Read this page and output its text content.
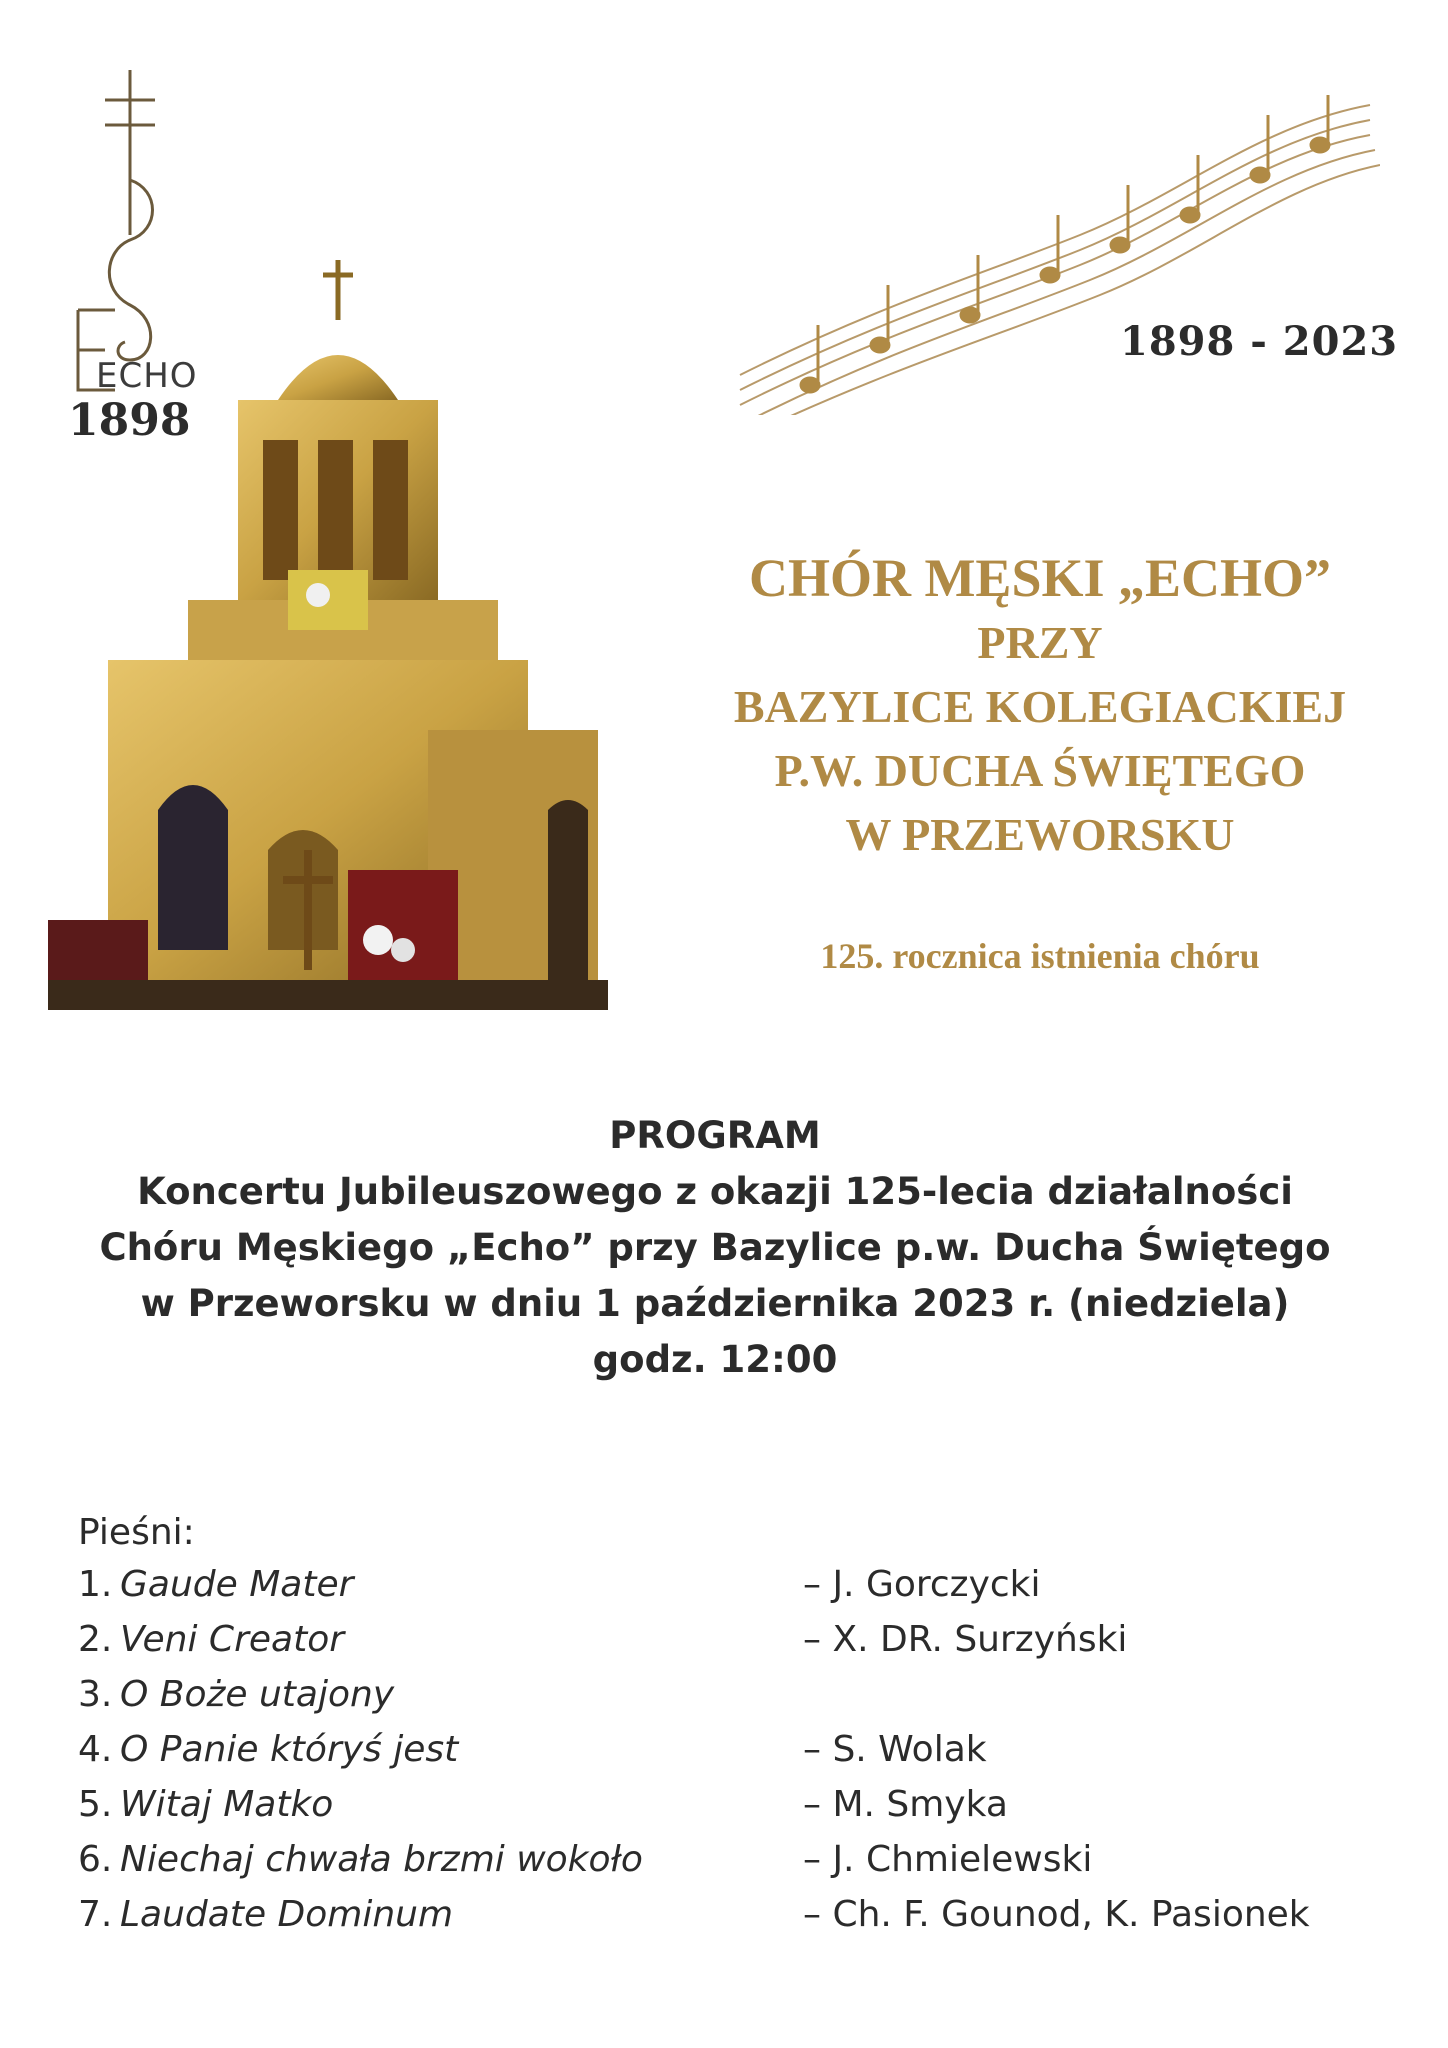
ECHO
1898
1898 - 2023
CHÓR MĘSKI „ECHO”
PRZY
BAZYLICE KOLEGIACKIEJ
P.W. DUCHA ŚWIĘTEGO
W PRZEWORSKU
125. rocznica istnienia chóru
PROGRAM
Koncertu Jubileuszowego z okazji 125-lecia działalności
Chóru Męskiego „Echo” przy Bazylice p.w. Ducha Świętego
w Przeworsku w dniu 1 października 2023 r. (niedziela)
godz. 12:00
Pieśni:
1. Gaude Mater	– J. Gorczycki
2. Veni Creator	– X. DR. Surzyński
3. O Boże utajony
4. O Panie któryś jest	– S. Wolak
5. Witaj Matko	– M. Smyka
6. Niechaj chwała brzmi wokoło	– J. Chmielewski
7. Laudate Dominum	– Ch. F. Gounod, K. Pasionek
